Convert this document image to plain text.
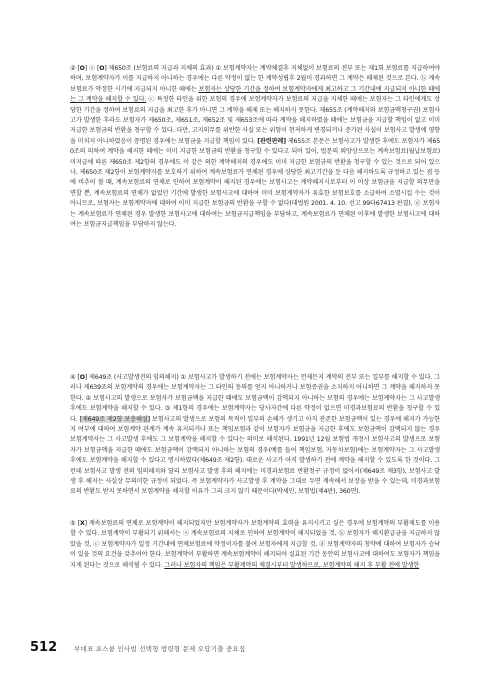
② [O] ⓐ [O] 제650조 (보험료의 지급과 지체의 효과) ① 보험계약자는 계약체결후 지체없이 보험료의 전부 또는 제1회 보험료를 지급하여야 하며, 보험계약자가 이를 지급하지 아니하는 경우에는 다른 약정이 없는 한 계약성립후 2월이 경과하면 그 계약은 해제된 것으로 본다. ⓑ 계속보험료가 약정한 시기에 지급되지 아니한 때에는 보험자는 상당한 기간을 정하여 보험계약자에게 최고하고 그 기간내에 지급되지 아니한 때에는 그 계약을 해지할 수 있다. ⓒ 특정한 타인을 위한 보험의 경우에 보험계약자가 보험료의 지급을 지체한 때에는 보험자는 그 타인에게도 상당한 기간을 정하여 보험료의 지급을 최고한 후가 아니면 그 계약을 해제 또는 해지하지 못한다. 제655조 (계약해지와 보험금액청구권) 보험사고가 발생한 후라도 보험자가 제650조, 제651조, 제652조 및 제653조에 따라 계약을 해지하였을 때에는 보험금을 지급할 책임이 없고 이미 지급한 보험금의 반환을 청구할 수 있다. 다만, 고지의무를 위반한 사실 또는 위험이 현저하게 변경되거나 증가된 사실이 보험사고 발생에 영향을 미치지 아니하였음이 증명된 경우에는 보험금을 지급할 책임이 있다. [관련판례] 제655조 본문은 보험사고가 발생한 후에도 보험자가 제650조의 의하여 계약을 해지한 때에는 이미 지급한 보험금의 반환을 청구할 수 있다고 되어 있어, 법문의 외양상으로는 계속보험료(월납보험료) 미지급에 따른 제650조 제2항의 경우에도 이 같은 의한 계약해지의 경우에도 이미 지급한 보험금의 반환을 청구할 수 있는 것으로 되어 있으나, 제650조 제2항이 보험계약자를 보호하기 위하여 계속보험료가 연체된 경우에 상당한 최고기간을 둔 다음 해지하도록 규정하고 있는 점 등에 비추어 볼 때, 계속보험료의 연체로 인하여 보험계약이 해지된 경우에는 보험사고는 계약해지시로부터 이 이상 보험금을 지급할 의무만을 면할 뿐, 계속보험료의 연체가 없었던 기간에 발생한 보험사고에 대하여 이미 보험계약자가 유효한 보험보호를 소급하여 소멸시킬 수는 것이 아니므로, 보험자는 보험계약자에 대하여 이미 지급한 보험금의 반환을 구할 수 없다(대법원 2001. 4. 10. 선고 99다67413 판결). ⓓ 보험자는 계속보험료가 연체된 경우 발생한 보험사고에 대하여는 보험금지급책임을 부담하고, 계속보험료가 연체된 이후에 발생한 보험사고에 대하여는 보험금지급책임을 부담하지 않는다.

④ [O] 제649조 (사고발생전의 임의해지) ① 보험사고가 발생하기 전에는 보험계약자는 언제든지 계약의 전부 또는 일부를 해지할 수 있다. 그러나 제639조의 보험계약의 경우에는 보험계약자는 그 타인의 동의를 얻지 아니하거나 보험증권을 소지하지 아니하면 그 계약을 해지하지 못한다. ② 보험사고의 발생으로 보험자가 보험금액을 지급한 때에도 보험금액이 감액되지 아니하는 보험의 경우에는 보험계약자는 그 사고발생 후에도 보험계약을 해지할 수 있다. ③ 제1항의 경우에는 보험계약자는 당사자간에 다른 약정이 없으면 미경과보험료의 반환을 청구할 수 있다. [제649조 제2항 보충해설] 보험사고의 발생으로 보험의 목적이 일부의 손해가 생기고 아직 잔존한 보험금액이 있는 경우에 해지가 가능한지 여부에 대하여 보험계약 관계가 계속 유지되거나 또는 책임보험과 같이 보험자가 보험금을 지급한 후에도 보험금액이 감액되지 않는 경우 보험계약자는 그 사고발생 후에도 그 보험계약을 해지할 수 있다는 의미로 해석된다. 1991년 12월 보험법 개정시 보험사고의 발생으로 보험자가 보험금액을 지급한 때에도 보험금액이 감액되지 아니하는 보험의 경우(예를 들어 책임보험, 자동차보험)에는 보험계약자는 그 사고발생 후에도 보험계약을 해지할 수 있다고 명시하였다(제649조 제2항). 대로운 사고가 아직 발생하기 전에 계약을 해지할 수 있도록 한 것이다. 그런데 보험사고 발생 전의 임의해지와 달리 보험사고 발생 후의 해지에는 미경과보험료 반환청구 규정이 없어서(제649조 제3항), 보험사고 발생 후 해지는 사실상 무의미한 규정이 되었다. 즉 보험계약자가 사고발생 후 계약을 그대로 두면 계속해서 보장을 받을 수 있는데, 미경과보험료의 반환도 받지 못하면서 보험계약을 해지할 이유가 그리 크지 않기 때문이다(박세민, 보험법(제4판), 360면).

⑤ [X] 계속보험료의 연체로 보험계약이 해지되었지만 보험계약자가 보험계약의 효력을 유지시키고 싶은 경우에 보험계약의 부활제도를 이용할 수 있다. 보험계약이 부활되기 위해서는 ⓐ 계속보험료의 지체로 인하여 보험계약이 해지되었을 것, ⓑ 보험자가 해지환급금을 지급하지 않았을 것, ⓒ 보험계약자가 일정 기간내에 연체보험료에 약정이자를 붙여 보험자에게 지급할 것, ⓓ 보험계약자의 청약에 대하여 보험자가 승낙이 있을 것의 요건을 갖추어야 한다. 보험계약이 부활하면 계속보험계약이 해지되어 실효된 기간 동안의 보험사고에 대하여도 보험자가 책임을 지게 된다는 것으로 해석될 수 있다. 그러나 보험자의 책임은 부활계약의 체결시부터 발생하므로, 보험계약의 해지 후 부활 전에 발생한

512	부대표 포스쿨 인사법 선택형 법령형 문제 오답기출 중요집
